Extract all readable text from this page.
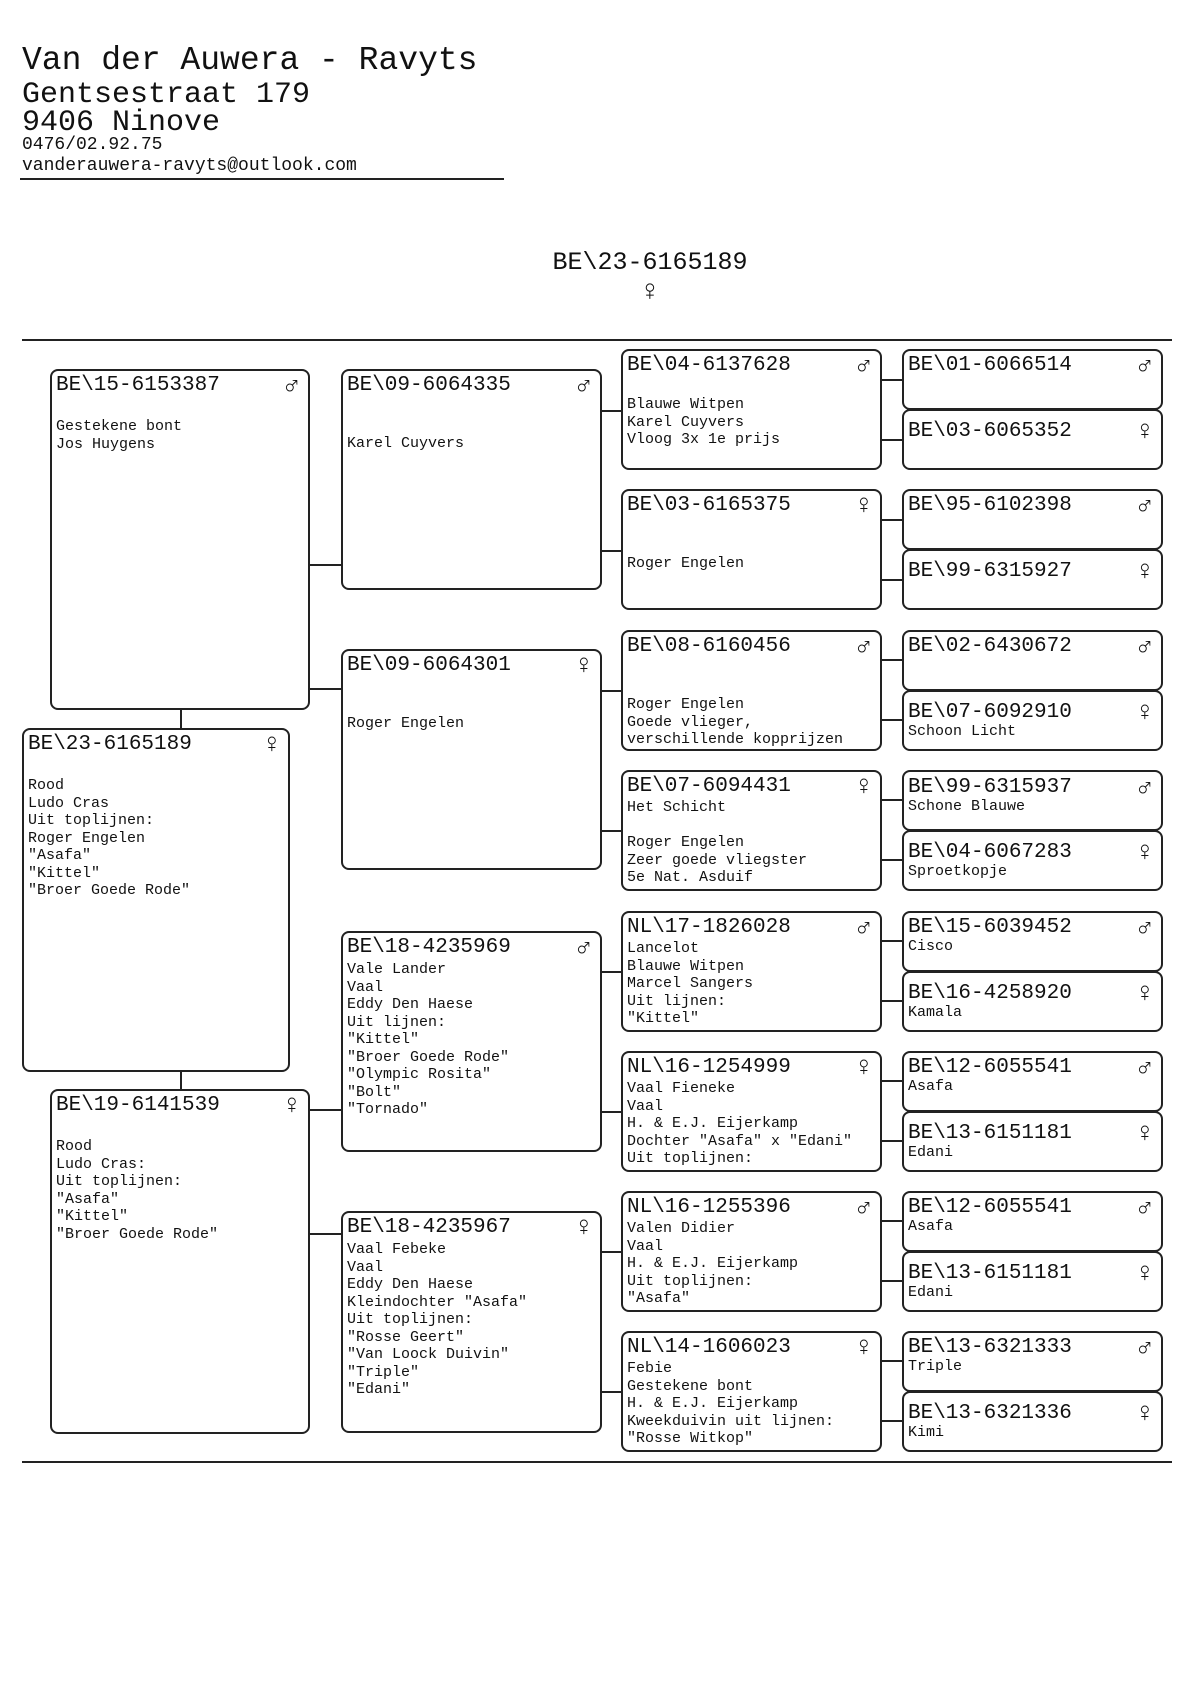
Van der Auwera - Ravyts
Gentsestraat 179
9406 Ninove
0476/02.92.75
vanderauwera-ravyts@outlook.com
BE\23-6165189
♀
BE\15-6153387 ♂
Gestekene bont
Jos Huygens
BE\23-6165189	♀
Rood
Ludo Cras
Uit toplijnen:
Roger Engelen
"Asafa"
"Kittel"
"Broer Goede Rode"
BE\19-6141539 ♀
Rood
Ludo Cras:
Uit toplijnen:
"Asafa"
"Kittel"
"Broer Goede Rode"
BE\09-6064335 ♂
Karel Cuyvers
BE\09-6064301 ♀
Roger Engelen
BE\18-4235969 ♂
Vale Lander
Vaal
Eddy Den Haese
Uit lijnen:
"Kittel"
"Broer Goede Rode"
"Olympic Rosita"
"Bolt"
"Tornado"
BE\18-4235967 ♀
Vaal Febeke
Vaal
Eddy Den Haese
Kleindochter "Asafa"
Uit toplijnen:
"Rosse Geert"
"Van Loock Duivin"
"Triple"
"Edani"
BE\04-6137628 ♂
Blauwe Witpen
Karel Cuyvers
Vloog 3x 1e prijs
BE\03-6165375 ♀
Roger Engelen
BE\08-6160456 ♂
Roger Engelen
Goede vlieger,
verschillende kopprijzen
BE\07-6094431 ♀
Het Schicht

Roger Engelen
Zeer goede vliegster
5e Nat. Asduif
NL\17-1826028 ♂
Lancelot
Blauwe Witpen
Marcel Sangers
Uit lijnen:
"Kittel"
NL\16-1254999 ♀
Vaal Fieneke
Vaal
H. & E.J. Eijerkamp
Dochter "Asafa" x "Edani"
Uit toplijnen:
NL\16-1255396 ♂
Valen Didier
Vaal
H. & E.J. Eijerkamp
Uit toplijnen:
"Asafa"
NL\14-1606023 ♀
Febie
Gestekene bont
H. & E.J. Eijerkamp
Kweekduivin uit lijnen:
"Rosse Witkop"
BE\01-6066514 ♂
BE\03-6065352 ♀
BE\95-6102398 ♂
BE\99-6315927 ♀
BE\02-6430672 ♂
BE\07-6092910 ♀
Schoon Licht
BE\99-6315937 ♂
Schone Blauwe
BE\04-6067283 ♀
Sproetkopje
BE\15-6039452 ♂
Cisco
BE\16-4258920 ♀
Kamala
BE\12-6055541 ♂
Asafa
BE\13-6151181 ♀
Edani
BE\12-6055541 ♂
Asafa
BE\13-6151181 ♀
Edani
BE\13-6321333 ♂
Triple
BE\13-6321336 ♀
Kimi
